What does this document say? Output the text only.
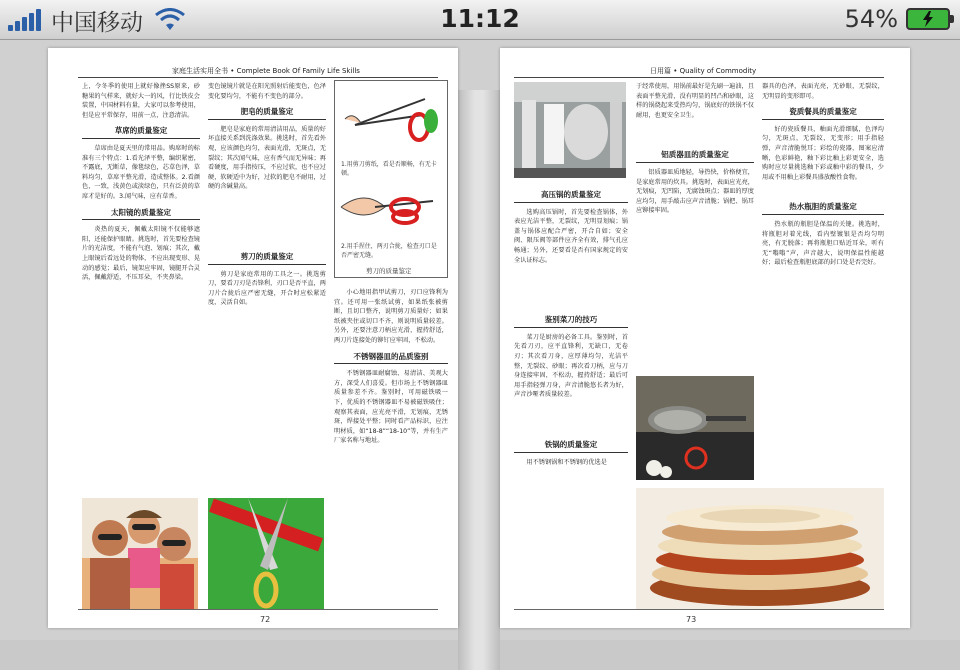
中国移动	11:12	54%
家庭生活实用全书 • Complete Book Of Family Life Skills

上，令冬季的使用上就好像挫SS原来，砂糖果的气样来，就好大一的风，行比铁皮会装置，中国材料有量，大家可以参考使用，但是应平常保存，用前一点，注意清洁。

草席的质量鉴定

草席由是夏天里的常用品。购席时的标准有三个特点：1.看光泽平整，编织紧密，不露底，无断草，像毯绿色，芯草色泽，草料均匀，草席平整光滑，造成整体。2.看颜色，一致，浅黄色或淡绿色，只有泛黄的草席才是好的。3.闻气味，应有草香。

太阳镜的质量鉴定

炎热的夏天，佩戴太阳镜不仅能够遮阳，还能保护眼睛。挑选时，首先要检查镜片的光洁度，不能有气泡、划痕；其次，戴上眼镜后看远处的物体，不应出现变形、晃动的感觉；最后，镜架应牢固，镜腿开合灵活，佩戴舒适，不压耳朵，不夹鼻梁。

变色镜镜片就是在阳光照射后能变色，色泽变化要均匀，不能有不变色的部分。

肥皂的质量鉴定

肥皂是家庭的常用清洁用品，质量的好坏直接关系到洗涤效果。挑选时，首先看外观，应该颜色均匀，表面光滑，无斑点，无裂纹；其次闻气味，应有香气而无异味；再看硬度，用手指按压，不应过软，也不应过硬，软硬适中为好，过软的肥皂不耐用，过硬的含碱量高。

剪刀的质量鉴定

剪刀是家庭常用的工具之一。挑选剪刀，要看刀刃是否锋利，刃口是否平直，两刀片合拢后应严密无缝，开合时应松紧适度，灵活自如。

1.用剪刀剪纸，看是否顺畅，有无卡顿。
2.用手捏住，两刃合拢，检查刃口是否严密无缝。
剪刀的质量鉴定

小心地用指甲试剪刀，刃口应锋利为宜。还可用一张纸试剪，如果纸张被剪断，且切口整齐，说明剪刀质量好；如果纸被夹住或切口不齐，则说明质量较差。另外，还要注意刀柄应光滑，握持舒适，两刀片连接处的铆钉应牢固，不松动。

不锈钢器皿的品质鉴别

不锈钢器皿耐腐蚀、易清洁、美观大方，深受人们喜爱。但市场上不锈钢器皿质量参差不齐。鉴别时，可用磁铁吸一下，优质的不锈钢器皿不易被磁铁吸住；观察其表面，应光亮平滑，无划痕，无锈斑，焊接处平整；同时看产品标识，应注明材质，如“18-8”“18-10”等，并有生产厂家名称与地址。

72
日用篇 • Quality of Commodity
高压锅的质量鉴定

选购高压锅时，首先要检查锅体，外表应光洁平整，无裂纹，无明显划痕；锅盖与锅体应配合严密，开合自如；安全阀、限压阀等部件应齐全有效，排气孔应畅通；另外，还要看是否有国家规定的安全认证标志。

鉴别菜刀的技巧

菜刀是厨房的必备工具。鉴别时，首先看刀刃，应平直锋利，无缺口，无卷刃；其次看刀身，应厚薄均匀，光洁平整，无裂纹、砂眼；再次看刀柄，应与刀身连接牢固，不松动，握持舒适；最后可用手指轻弹刀身，声音清脆悠长者为好，声音沙哑者质量较差。

铁锅的质量鉴定

用不锈钢锅和不锈钢的优选是

于经常使用，用锅前最好是先刷一遍油，且表面平整光滑，没有明显的凹凸和砂眼，这样的锅烧起来受热均匀，锅底好的铁锅不仅耐用，也更安全卫生。

铝质器皿的质量鉴定

铝质器皿质地轻，导热快，价格便宜，是家庭常用的炊具。挑选时，表面应光亮，无划痕，无凹陷，无腐蚀斑点；器皿的厚度应均匀，用手敲击应声音清脆；锅把、锅耳应铆接牢固。

器具的色泽，表面光亮，无砂眼，无裂纹，无明显的变形即可。

瓷质餐具的质量鉴定

好的瓷质餐具，釉面光滑细腻，色泽均匀，无斑点，无裂纹，无变形；用手指轻弹，声音清脆悦耳；彩绘的瓷器，图案应清晰，色彩鲜艳，釉下彩比釉上彩更安全，选购时应尽量挑选釉下彩或釉中彩的餐具，少用或不用釉上彩餐具盛放酸性食物。

热水瓶胆的质量鉴定

热水瓶的瓶胆是保温的关键。挑选时，将瓶胆对着光线，看内壁镀银是否均匀明亮，有无脱落；再将瓶胆口贴近耳朵，听有无“嗡嗡”声，声音越大，说明保温性能越好；最后检查瓶胆底部的封口处是否完好。

73
